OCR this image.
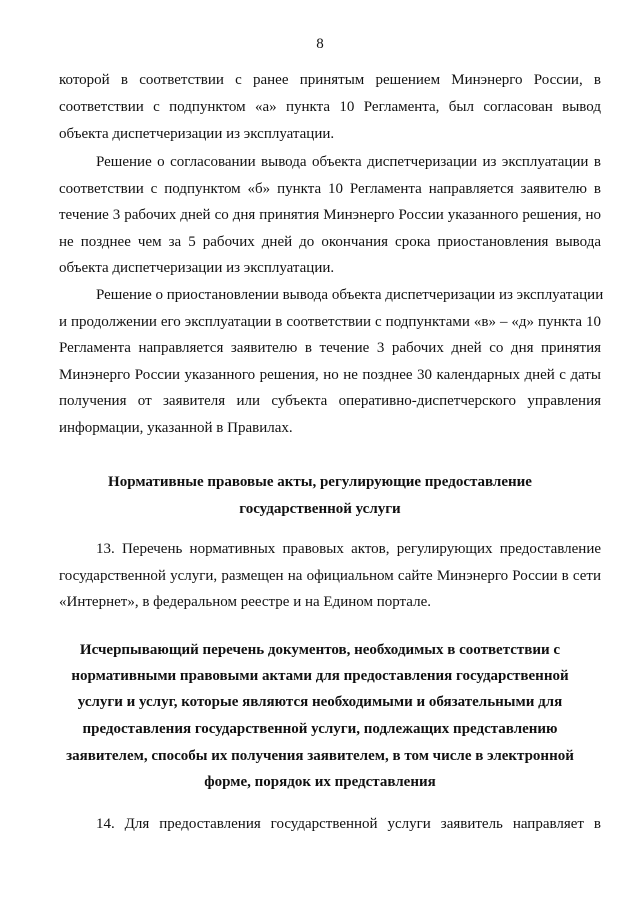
8
которой в соответствии с ранее принятым решением Минэнерго России, в
соответствии с подпунктом «а» пункта 10 Регламента, был согласован вывод
объекта диспетчеризации из эксплуатации.
Решение о согласовании вывода объекта диспетчеризации из эксплуатации в
соответствии с подпунктом «б» пункта 10 Регламента направляется заявителю в
течение 3 рабочих дней со дня принятия Минэнерго России указанного решения, но
не позднее чем за 5 рабочих дней до окончания срока приостановления вывода
объекта диспетчеризации из эксплуатации.
Решение о приостановлении вывода объекта диспетчеризации из эксплуатации
и продолжении его эксплуатации в соответствии с подпунктами «в» – «д» пункта 10
Регламента направляется заявителю в течение 3 рабочих дней со дня принятия
Минэнерго России указанного решения, но не позднее 30 календарных дней с даты
получения от заявителя или субъекта оперативно-диспетчерского управления
информации, указанной в Правилах.
Нормативные правовые акты, регулирующие предоставление
государственной услуги
13. Перечень нормативных правовых актов, регулирующих предоставление
государственной услуги, размещен на официальном сайте Минэнерго России в сети
«Интернет», в федеральном реестре и на Едином портале.
Исчерпывающий перечень документов, необходимых в соответствии с
нормативными правовыми актами для предоставления государственной
услуги и услуг, которые являются необходимыми и обязательными для
предоставления государственной услуги, подлежащих представлению
заявителем, способы их получения заявителем, в том числе в электронной
форме, порядок их представления
14. Для предоставления государственной услуги заявитель направляет в
